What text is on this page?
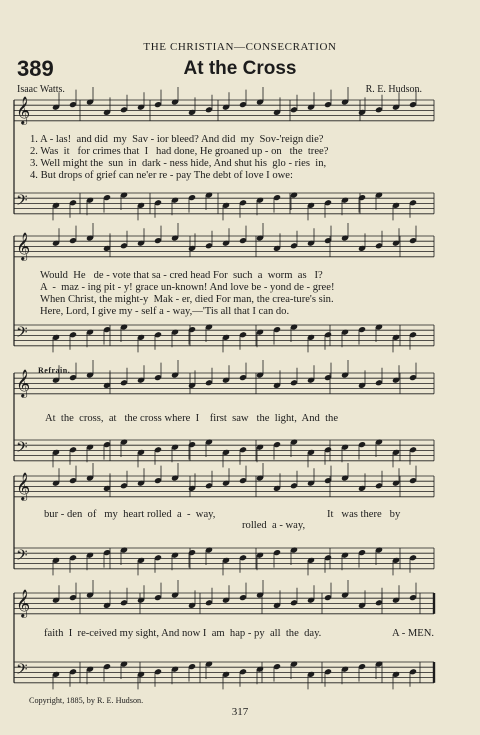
THE CHRISTIAN—CONSECRATION
389	At the Cross
Isaac Watts.	R. E. Hudson.
𝄞
𝄢
𝄞
𝄢
𝄞
𝄢
𝄞
𝄢
𝄞
𝄢
1. A - las!  and did  my  Sav - ior bleed? And did  my  Sov-'reign die?
2. Was  it   for crimes that  I   had done, He groaned up - on   the  tree?
3. Well might the  sun  in  dark - ness hide, And shut his  glo - ries  in,
4. But drops of grief can ne'er re - pay The debt of love I owe:
Would  He   de - vote that sa - cred head For  such  a  worm  as   I?
A  -  maz - ing pit - y! grace un-known! And love be - yond de - gree!
When Christ, the might-y  Mak - er, died For man, the crea-ture's sin.
Here, Lord, I give my - self a - way,—'Tis all that I can do.
Refrain.
At  the  cross,  at   the cross where  I    first  saw   the  light,  And  the
bur - den  of   my  heart rolled  a  -  way,	It   was there   by
rolled  a - way,
faith  I  re-ceived my sight, And now I  am  hap - py  all  the  day.	A - MEN.
Copyright, 1885, by R. E. Hudson.
317
